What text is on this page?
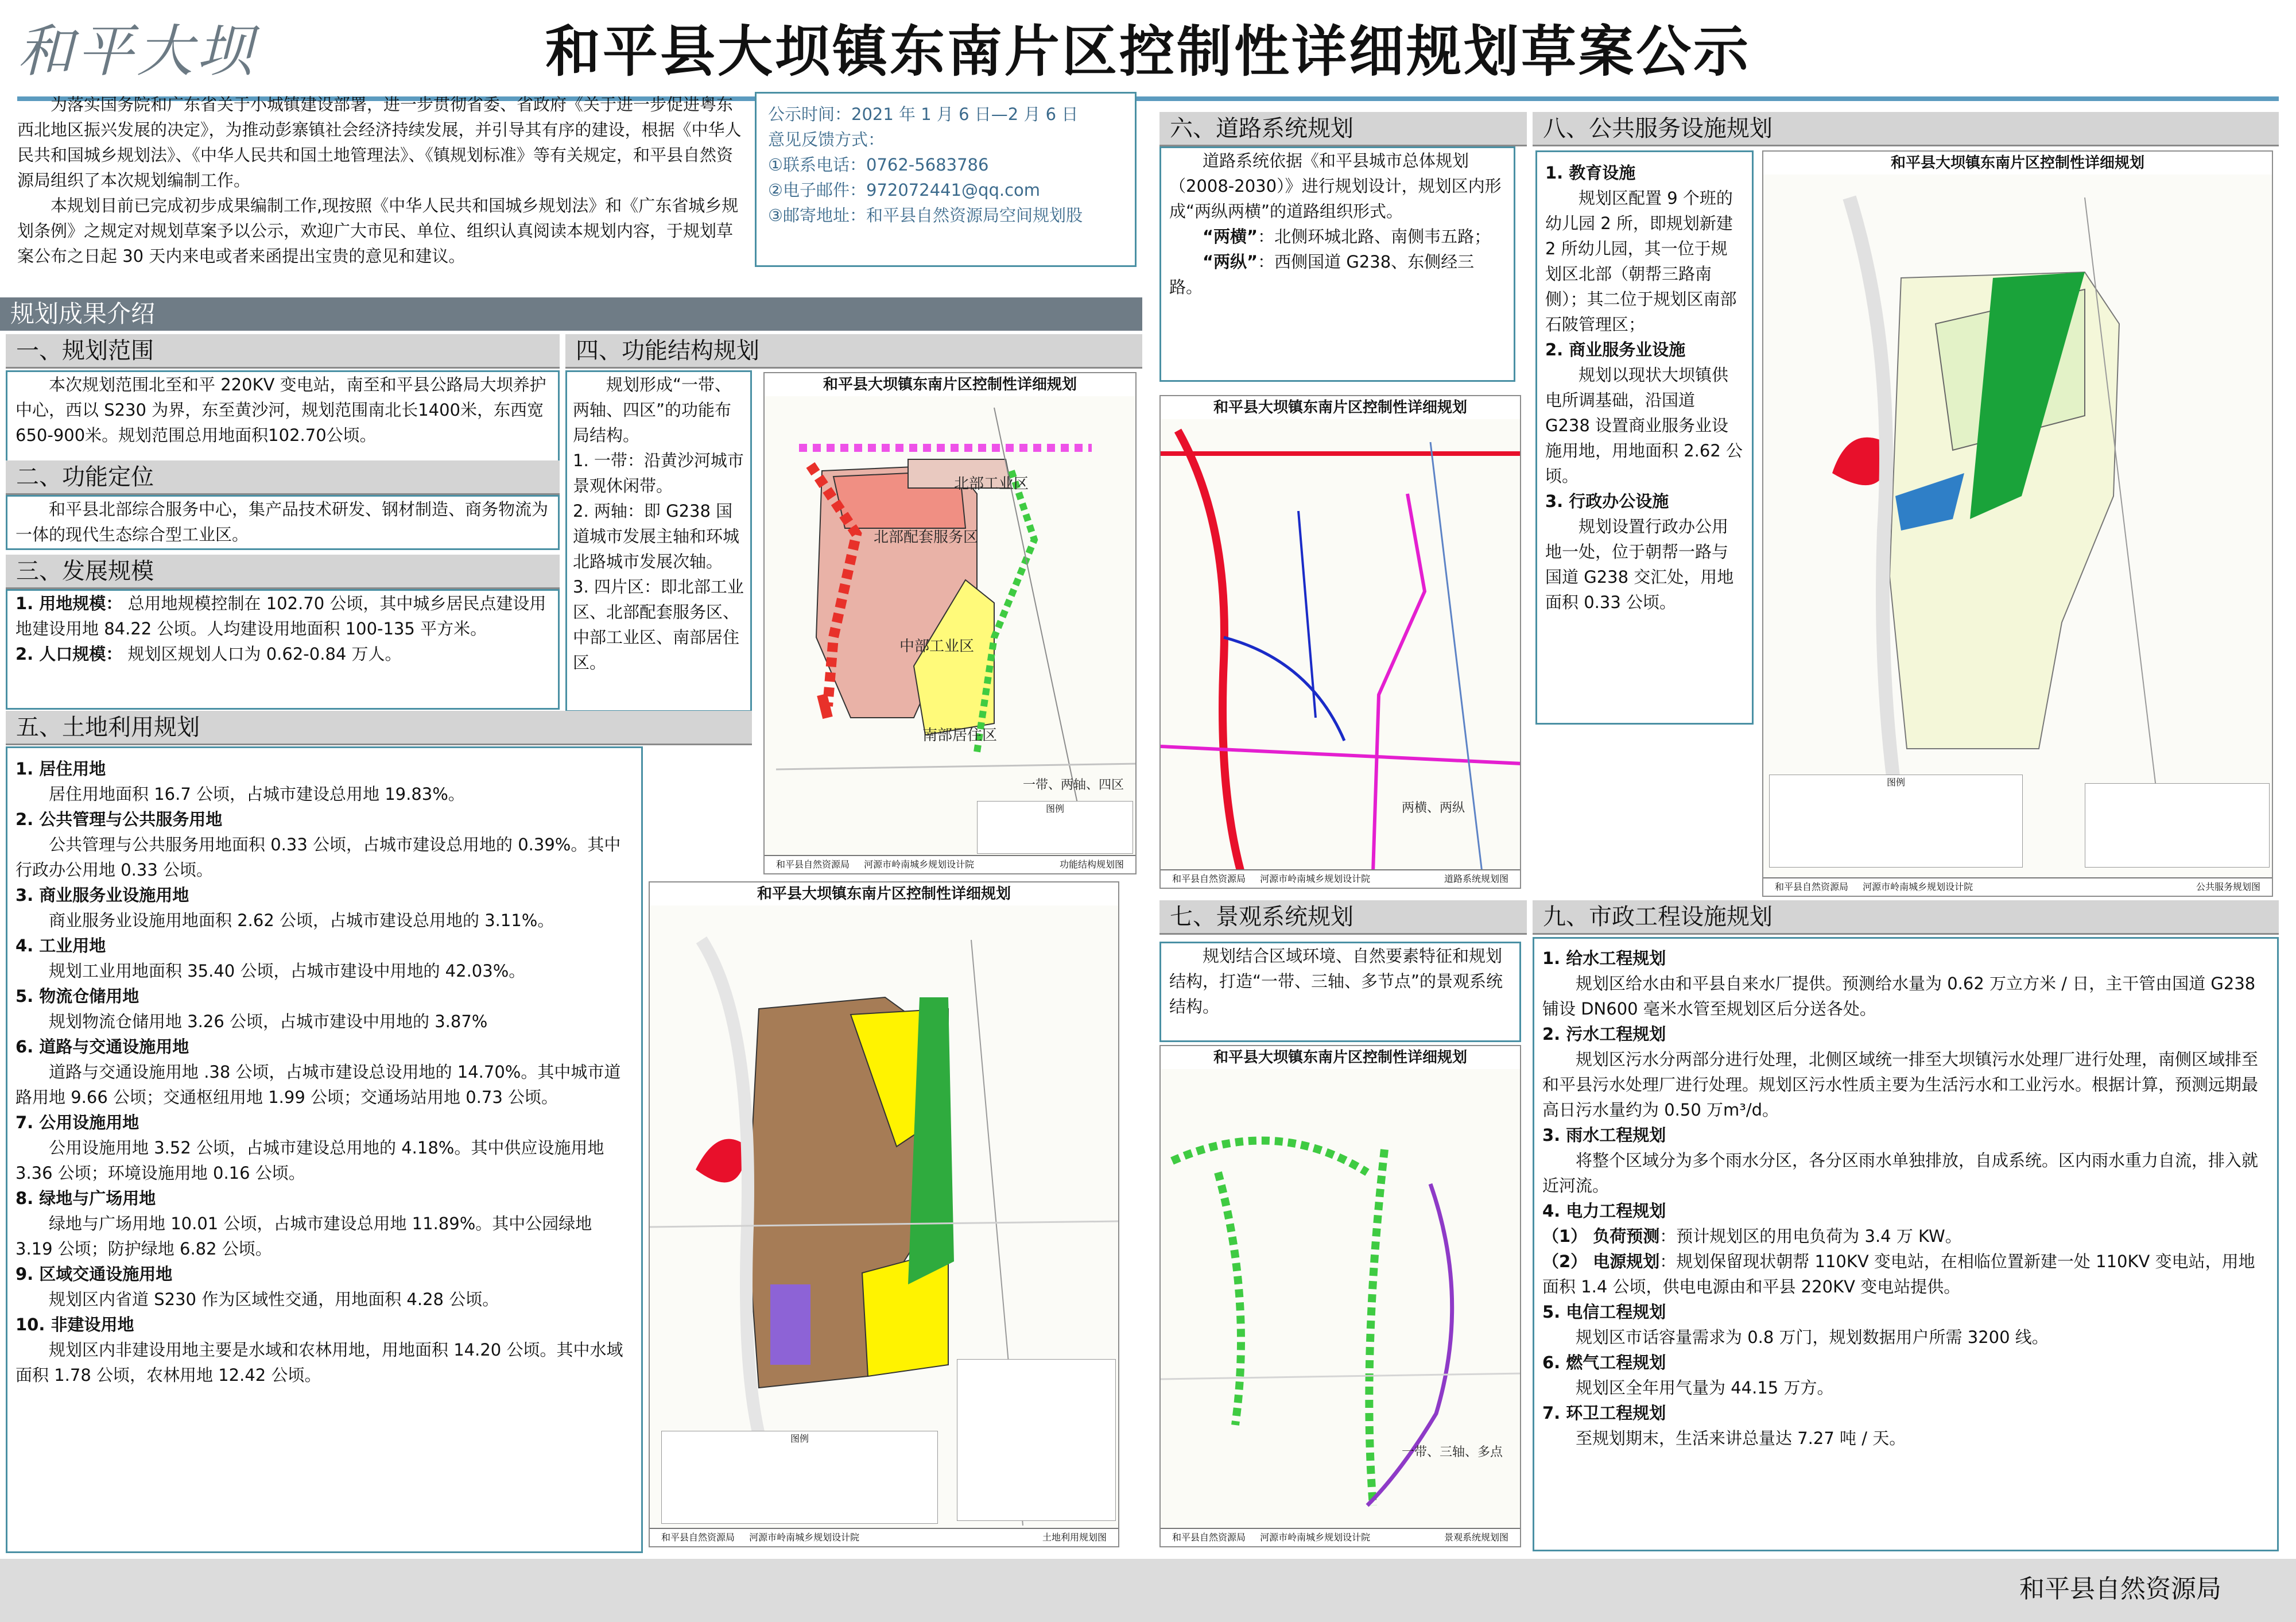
和平大坝	和平县大坝镇东南片区控制性详细规划草案公示

为落实国务院和广东省关于小城镇建设部署，进一步贯彻省委、省政府《关于进一步促进粤东西北地区振兴发展的决定》，为推动彭寨镇社会经济持续发展，并引导其有序的建设，根据《中华人民共和国城乡规划法》、《中华人民共和国土地管理法》、《镇规划标准》等有关规定，和平县自然资源局组织了本次规划编制工作。

本规划目前已完成初步成果编制工作,现按照《中华人民共和国城乡规划法》和《广东省城乡规划条例》之规定对规划草案予以公示，欢迎广大市民、单位、组织认真阅读本规划内容，于规划草案公布之日起 30 天内来电或者来函提出宝贵的意见和建议。

公示时间：2021 年 1 月 6 日—2 月 6 日
意见反馈方式：
①联系电话：0762-5683786
②电子邮件：972072441@qq.com
③邮寄地址：和平县自然资源局空间规划股
规划成果介绍
一、规划范围

本次规划范围北至和平 220KV 变电站，南至和平县公路局大坝养护中心，西以 S230 为界，东至黄沙河，规划范围南北长1400米，东西宽650-900米。规划范围总用地面积102.70公顷。

二、功能定位

和平县北部综合服务中心，集产品技术研发、钢材制造、商务物流为一体的现代生态综合型工业区。

三、发展规模
1. 用地规模： 总用地规模控制在 102.70 公顷，其中城乡居民点建设用地建设用地 84.22 公顷。人均建设用地面积 100-135 平方米。
2. 人口规模： 规划区规划人口为 0.62-0.84 万人。
四、功能结构规划

规划形成“一带、两轴、四区”的功能布局结构。

1. 一带：沿黄沙河城市景观休闲带。
2. 两轴：即 G238 国道城市发展主轴和环城北路城市发展次轴。
3. 四片区：即北部工业区、北部配套服务区、中部工业区、南部居住区。
和平县大坝镇东南片区控制性详细规划
北部工业区
北部配套服务区
中部工业区
南部居住区
一带、两轴、四区
图例
和平县自然资源局 河源市岭南城乡规划设计院	功能结构规划图
五、土地利用规划
1. 居住用地
居住用地面积 16.7 公顷，占城市建设总用地 19.83%。
2. 公共管理与公共服务用地
公共管理与公共服务用地面积 0.33 公顷，占城市建设总用地的 0.39%。其中行政办公用地 0.33 公顷。
3. 商业服务业设施用地
商业服务业设施用地面积 2.62 公顷，占城市建设总用地的 3.11%。
4. 工业用地
规划工业用地面积 35.40 公顷，占城市建设中用地的 42.03%。
5. 物流仓储用地
规划物流仓储用地 3.26 公顷，占城市建设中用地的 3.87%
6. 道路与交通设施用地
道路与交通设施用地 .38 公顷，占城市建设总设用地的 14.70%。其中城市道路用地 9.66 公顷；交通枢纽用地 1.99 公顷；交通场站用地 0.73 公顷。
7. 公用设施用地
公用设施用地 3.52 公顷，占城市建设总用地的 4.18%。其中供应设施用地 3.36 公顷；环境设施用地 0.16 公顷。
8. 绿地与广场用地
绿地与广场用地 10.01 公顷，占城市建设总用地 11.89%。其中公园绿地 3.19 公顷；防护绿地 6.82 公顷。
9. 区域交通设施用地
规划区内省道 S230 作为区域性交通，用地面积 4.28 公顷。
10. 非建设用地
规划区内非建设用地主要是水域和农林用地，用地面积 14.20 公顷。其中水域面积 1.78 公顷，农林用地 12.42 公顷。
和平县大坝镇东南片区控制性详细规划
图例
和平县自然资源局 河源市岭南城乡规划设计院	土地利用规划图
六、道路系统规划

道路系统依据《和平县城市总体规划（2008-2030）》进行规划设计，规划区内形成“两纵两横”的道路组织形式。

“两横”：北侧环城北路、南侧韦五路；

“两纵”：西侧国道 G238、东侧经三路。

和平县大坝镇东南片区控制性详细规划
两横、两纵
和平县自然资源局 河源市岭南城乡规划设计院	道路系统规划图
七、景观系统规划

规划结合区域环境、自然要素特征和规划结构，打造“一带、三轴、多节点”的景观系统结构。

和平县大坝镇东南片区控制性详细规划
一带、三轴、多点
和平县自然资源局 河源市岭南城乡规划设计院	景观系统规划图
八、公共服务设施规划
1. 教育设施

规划区配置 9 个班的幼儿园 2 所，即规划新建 2 所幼儿园，其一位于规划区北部（朝帮三路南侧）；其二位于规划区南部石陂管理区；

2. 商业服务业设施

规划以现状大坝镇供电所调基础，沿国道 G238 设置商业服务业设施用地，用地面积 2.62 公顷。

3. 行政办公设施

规划设置行政办公用地一处，位于朝帮一路与国道 G238 交汇处，用地面积 0.33 公顷。

和平县大坝镇东南片区控制性详细规划
图例
和平县自然资源局 河源市岭南城乡规划设计院	公共服务规划图
九、市政工程设施规划
1. 给水工程规划

规划区给水由和平县自来水厂提供。预测给水量为 0.62 万立方米 / 日，主干管由国道 G238 铺设 DN600 毫米水管至规划区后分送各处。

2. 污水工程规划

规划区污水分两部分进行处理，北侧区域统一排至大坝镇污水处理厂进行处理，南侧区域排至和平县污水处理厂进行处理。规划区污水性质主要为生活污水和工业污水。根据计算，预测远期最高日污水量约为 0.50 万m³/d。

3. 雨水工程规划

将整个区域分为多个雨水分区，各分区雨水单独排放，自成系统。区内雨水重力自流，排入就近河流。

4. 电力工程规划
（1） 负荷预测：预计规划区的用电负荷为 3.4 万 KW。
（2） 电源规划：规划保留现状朝帮 110KV 变电站，在相临位置新建一处 110KV 变电站，用地面积 1.4 公顷，供电电源由和平县 220KV 变电站提供。
5. 电信工程规划

规划区市话容量需求为 0.8 万门，规划数据用户所需 3200 线。

6. 燃气工程规划

规划区全年用气量为 44.15 万方。

7. 环卫工程规划

至规划期末，生活来讲总量达 7.27 吨 / 天。

和平县自然资源局
